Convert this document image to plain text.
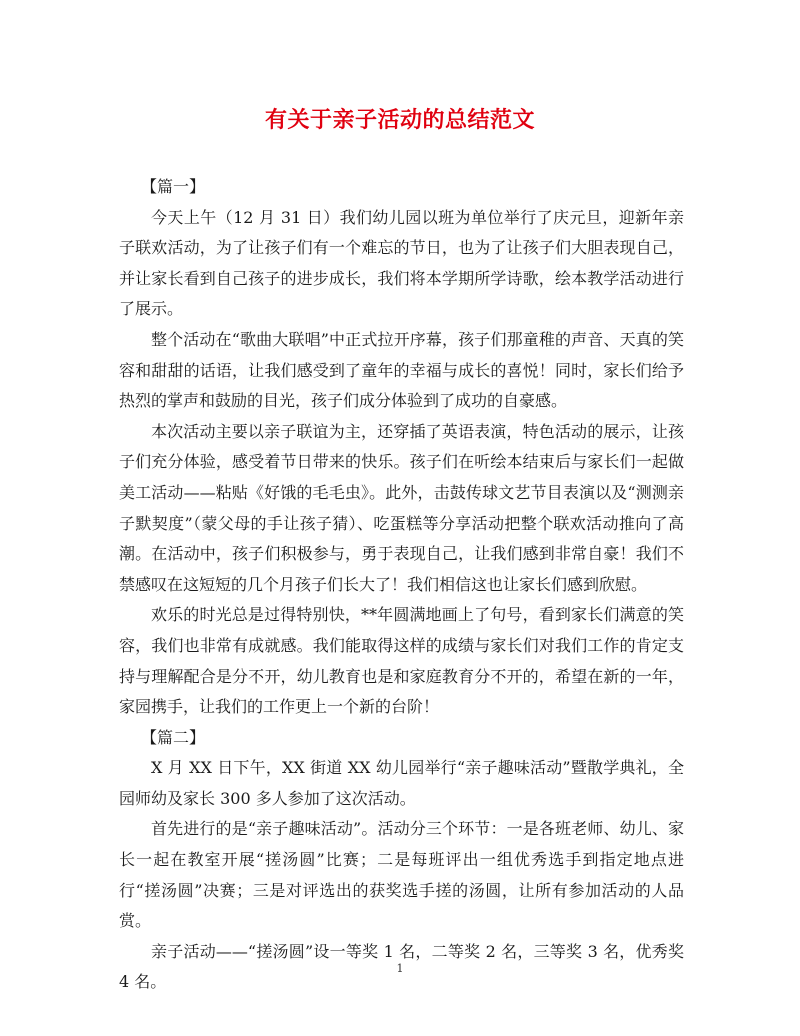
有关于亲子活动的总结范文
【篇一】
今天上午（12 月 31 日）我们幼儿园以班为单位举行了庆元旦，迎新年亲子联欢活动，为了让孩子们有一个难忘的节日，也为了让孩子们大胆表现自己，并让家长看到自己孩子的进步成长，我们将本学期所学诗歌，绘本教学活动进行了展示。
整个活动在“歌曲大联唱”中正式拉开序幕，孩子们那童稚的声音、天真的笑容和甜甜的话语，让我们感受到了童年的幸福与成长的喜悦！同时，家长们给予热烈的掌声和鼓励的目光，孩子们成分体验到了成功的自豪感。
本次活动主要以亲子联谊为主，还穿插了英语表演，特色活动的展示，让孩子们充分体验，感受着节日带来的快乐。孩子们在听绘本结束后与家长们一起做美工活动——粘贴《好饿的毛毛虫》。此外，击鼓传球文艺节目表演以及“测测亲子默契度”（蒙父母的手让孩子猜）、吃蛋糕等分享活动把整个联欢活动推向了高潮。在活动中，孩子们积极参与，勇于表现自己，让我们感到非常自豪！我们不禁感叹在这短短的几个月孩子们长大了！我们相信这也让家长们感到欣慰。
欢乐的时光总是过得特别快，**年圆满地画上了句号，看到家长们满意的笑容，我们也非常有成就感。我们能取得这样的成绩与家长们对我们工作的肯定支持与理解配合是分不开，幼儿教育也是和家庭教育分不开的，希望在新的一年，家园携手，让我们的工作更上一个新的台阶！
【篇二】
X 月 XX 日下午，XX 街道 XX 幼儿园举行“亲子趣味活动”暨散学典礼，全园师幼及家长 300 多人参加了这次活动。
首先进行的是“亲子趣味活动”。活动分三个环节：一是各班老师、幼儿、家长一起在教室开展“搓汤圆”比赛；二是每班评出一组优秀选手到指定地点进行“搓汤圆”决赛；三是对评选出的获奖选手搓的汤圆，让所有参加活动的人品赏。
亲子活动——“搓汤圆”设一等奖 1 名，二等奖 2 名，三等奖 3 名，优秀奖 4 名。
1
